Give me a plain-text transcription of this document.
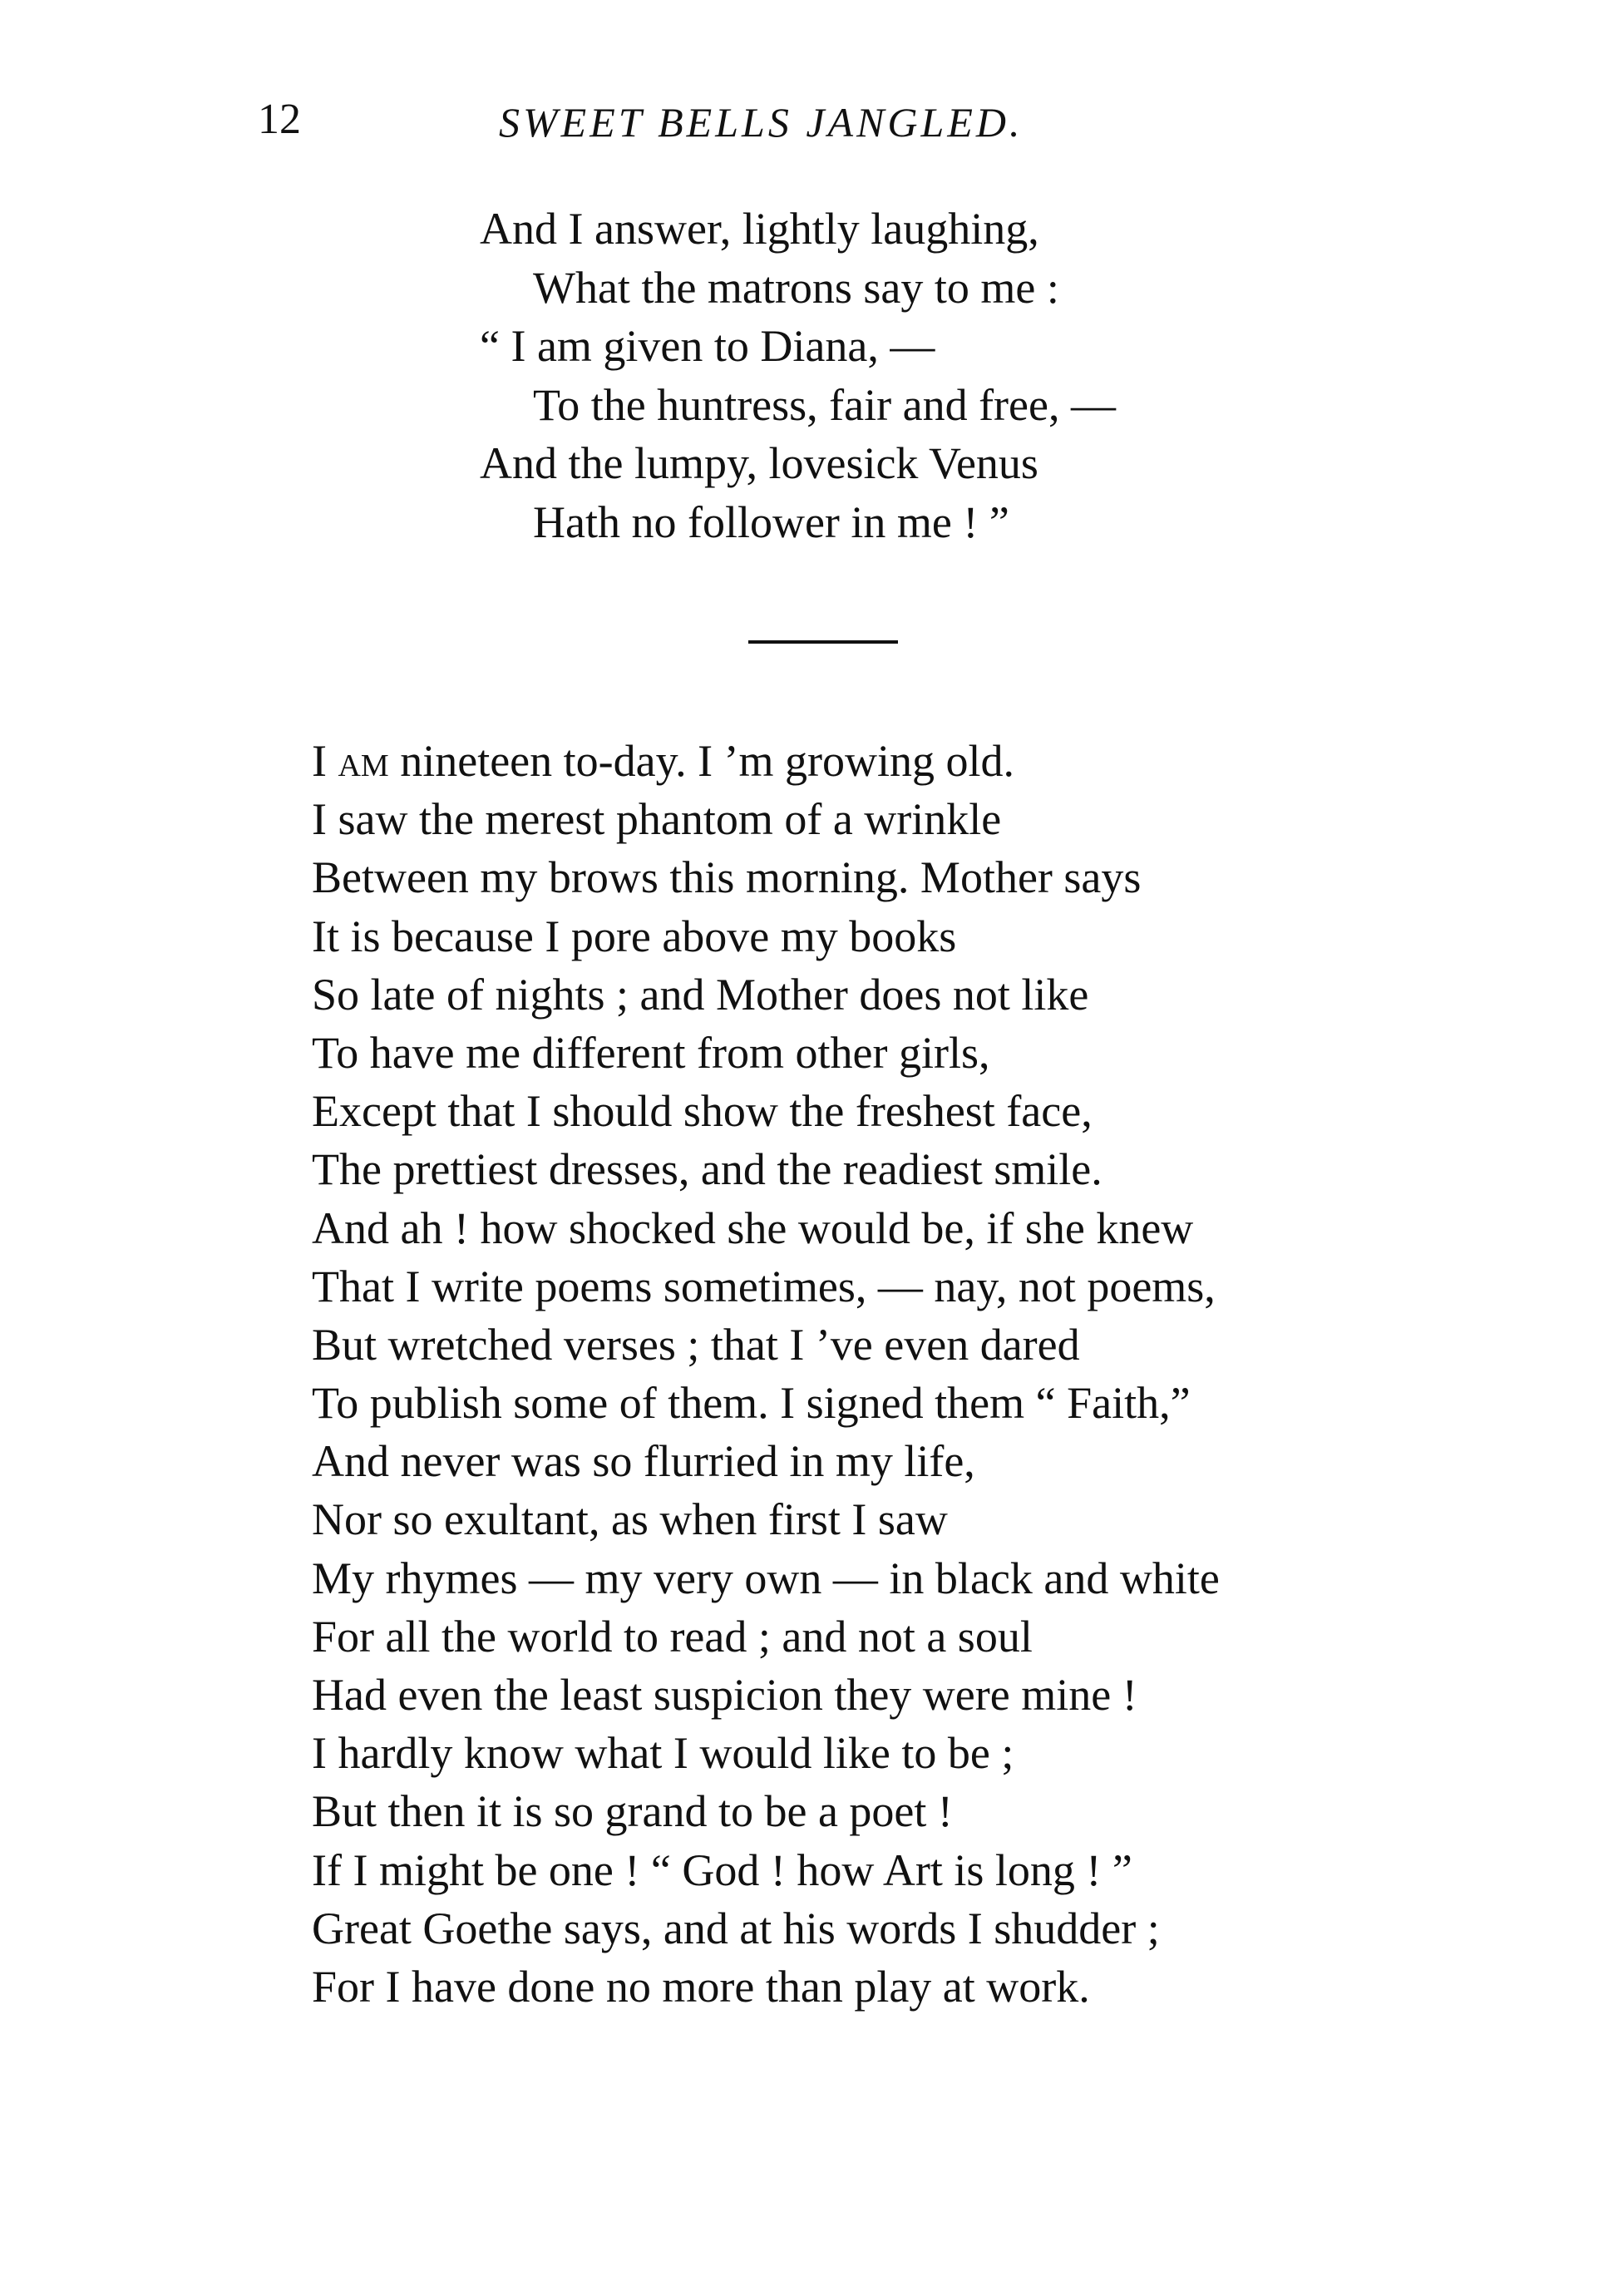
12	SWEET BELLS JANGLED.
And I answer, lightly laughing,
What the matrons say to me :
“ I am given to Diana, —
To the huntress, fair and free, —
And the lumpy, lovesick Venus
Hath no follower in me ! ”
I am nineteen to-day. I ’m growing old.
I saw the merest phantom of a wrinkle
Between my brows this morning. Mother says
It is because I pore above my books
So late of nights ; and Mother does not like
To have me different from other girls,
Except that I should show the freshest face,
The prettiest dresses, and the readiest smile.
And ah ! how shocked she would be, if she knew
That I write poems sometimes, — nay, not poems,
But wretched verses ; that I ’ve even dared
To publish some of them. I signed them “ Faith,”
And never was so flurried in my life,
Nor so exultant, as when first I saw
My rhymes — my very own — in black and white
For all the world to read ; and not a soul
Had even the least suspicion they were mine !
I hardly know what I would like to be ;
But then it is so grand to be a poet !
If I might be one ! “ God ! how Art is long ! ”
Great Goethe says, and at his words I shudder ;
For I have done no more than play at work.
